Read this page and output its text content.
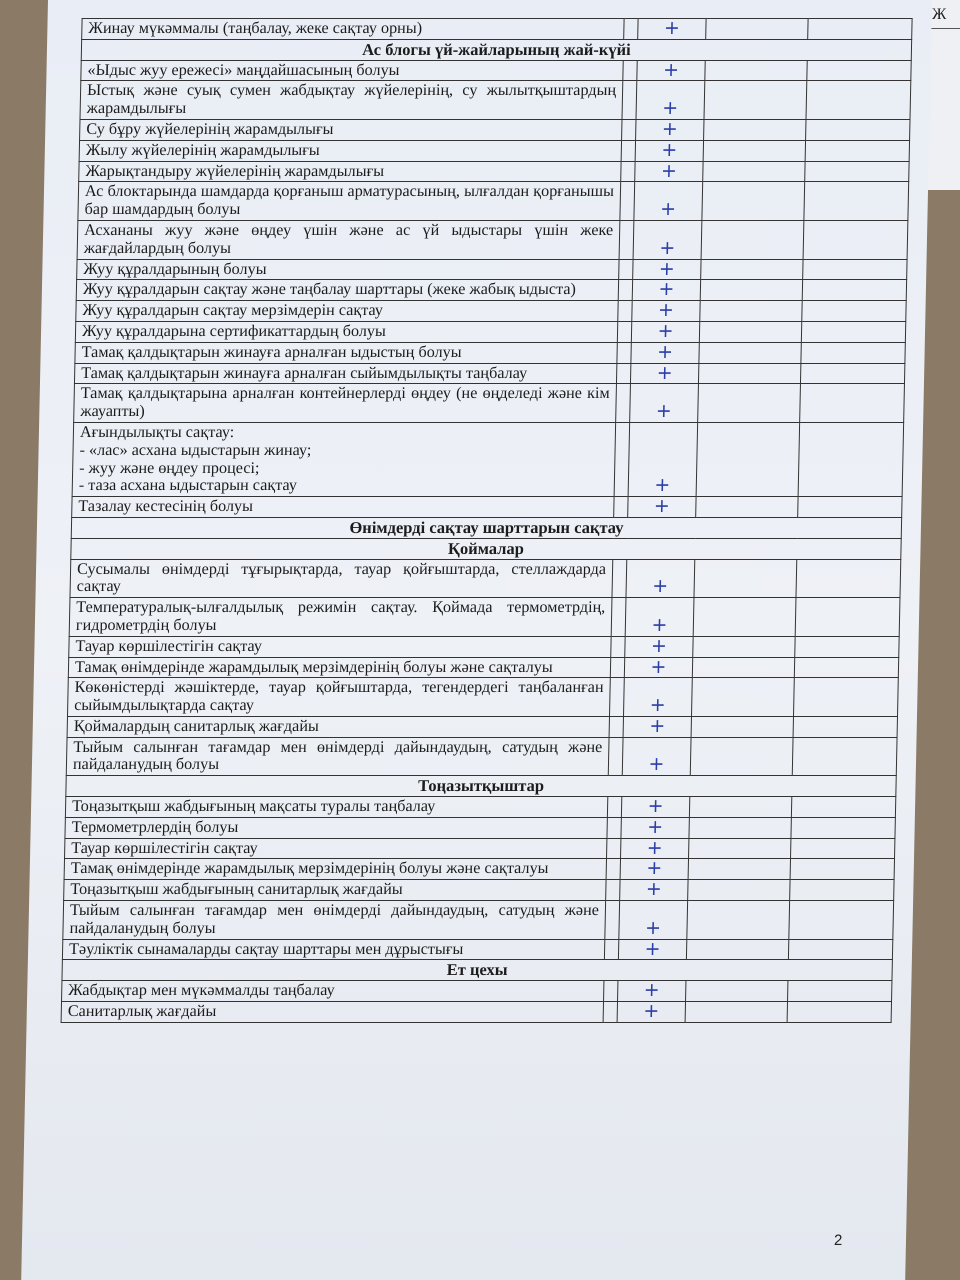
Ж
Жинау мүкәммалы (таңбалау, жеке сақтау орны)		+		
Ас блогы үй-жайларының жай-күйі				
«Ыдыс жуу ережесі» маңдайшасының болуы		+		
Ыстық және суық сумен жабдықтау жүйелерінің, су жылытқыштардың жарамдылығы		+		
Су бұру жүйелерінің жарамдылығы		+		
Жылу жүйелерінің жарамдылығы		+		
Жарықтандыру жүйелерінің жарамдылығы		+		
Ас блоктарында шамдарда қорғаныш арматурасының, ылғалдан қорғанышы бар шамдардың болуы		+		
Асхананы жуу және өңдеу үшін және ас үй ыдыстары үшін жеке жағдайлардың болуы		+		
Жуу құралдарының болуы		+		
Жуу құралдарын сақтау және таңбалау шарттары (жеке жабық ыдыста)		+		
Жуу құралдарын сақтау мерзімдерін сақтау		+		
Жуу құралдарына сертификаттардың болуы		+		
Тамақ қалдықтарын жинауға арналған ыдыстың болуы		+		
Тамақ қалдықтарын жинауға арналған сыйымдылықты таңбалау		+		
Тамақ қалдықтарына арналған контейнерлерді өңдеу (не өңделеді және кім жауапты)		+		
Ағындылықты сақтау:
- «лас» асхана ыдыстарын жинау;
- жуу және өңдеу процесі;
- таза асхана ыдыстарын сақтау		+		
Тазалау кестесінің болуы		+		
Өнімдерді сақтау шарттарын сақтау				
Қоймалар				
Сусымалы өнімдерді тұғырықтарда, тауар қойғыштарда, стеллаждарда сақтау		+		
Температуралық-ылғалдылық режимін сақтау. Қоймада термометрдің, гидрометрдің болуы		+		
Тауар көршілестігін сақтау		+		
Тамақ өнімдерінде жарамдылық мерзімдерінің болуы және сақталуы		+		
Көкөністерді жәшіктерде, тауар қойғыштарда, тегендердегі таңбаланған сыйымдылықтарда сақтау		+		
Қоймалардың санитарлық жағдайы		+		
Тыйым салынған тағамдар мен өнімдерді дайындаудың, сатудың және пайдаланудың болуы		+		
Тоңазытқыштар				
Тоңазытқыш жабдығының мақсаты туралы таңбалау		+		
Термометрлердің болуы		+		
Тауар көршілестігін сақтау		+		
Тамақ өнімдерінде жарамдылық мерзімдерінің болуы және сақталуы		+		
Тоңазытқыш жабдығының санитарлық жағдайы		+		
Тыйым салынған тағамдар мен өнімдерді дайындаудың, сатудың және пайдаланудың болуы		+		
Тәуліктік сынамаларды сақтау шарттары мен дұрыстығы		+		
Ет цехы				
Жабдықтар мен мүкәммалды таңбалау		+		
Санитарлық жағдайы		+		
2
